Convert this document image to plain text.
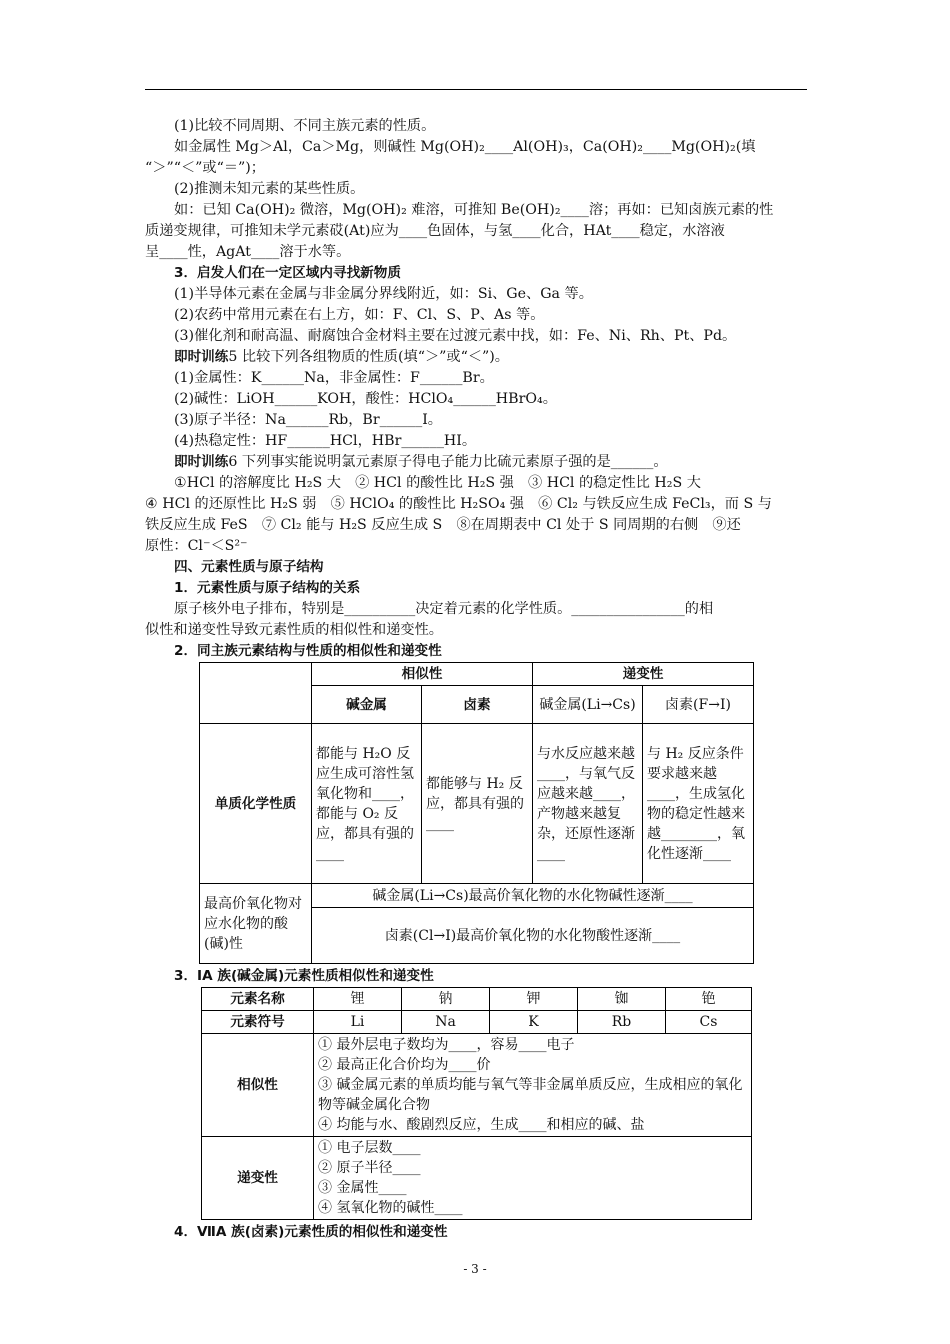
(1)比较不同周期、不同主族元素的性质。

如金属性 Mg＞Al，Ca＞Mg，则碱性 Mg(OH)₂____Al(OH)₃，Ca(OH)₂____Mg(OH)₂(填

“＞”“＜”或“＝”)；

(2)推测未知元素的某些性质。

如：已知 Ca(OH)₂ 微溶，Mg(OH)₂ 难溶，可推知 Be(OH)₂____溶；再如：已知卤族元素的性

质递变规律，可推知未学元素砹(At)应为____色固体，与氢____化合，HAt____稳定，水溶液

呈____性，AgAt____溶于水等。

3．启发人们在一定区域内寻找新物质

(1)半导体元素在金属与非金属分界线附近，如：Si、Ge、Ga 等。

(2)农药中常用元素在右上方，如：F、Cl、S、P、As 等。

(3)催化剂和耐高温、耐腐蚀合金材料主要在过渡元素中找，如：Fe、Ni、Rh、Pt、Pd。

即时训练5 比较下列各组物质的性质(填“＞”或“＜”)。

(1)金属性：K______Na，非金属性：F______Br。

(2)碱性：LiOH______KOH，酸性：HClO₄______HBrO₄。

(3)原子半径：Na______Rb，Br______I。

(4)热稳定性：HF______HCl，HBr______HI。

即时训练6 下列事实能说明氯元素原子得电子能力比硫元素原子强的是______。

①HCl 的溶解度比 H₂S 大　② HCl 的酸性比 H₂S 强　③ HCl 的稳定性比 H₂S 大

④ HCl 的还原性比 H₂S 弱　⑤ HClO₄ 的酸性比 H₂SO₄ 强　⑥ Cl₂ 与铁反应生成 FeCl₃，而 S 与

铁反应生成 FeS　⑦ Cl₂ 能与 H₂S 反应生成 S　⑧在周期表中 Cl 处于 S 同周期的右侧　⑨还

原性：Cl⁻＜S²⁻

四、元素性质与原子结构

1．元素性质与原子结构的关系

原子核外电子排布，特别是__________决定着元素的化学性质。________________的相

似性和递变性导致元素性质的相似性和递变性。

2．同主族元素结构与性质的相似性和递变性

	相似性		递变性	
	碱金属	卤素	碱金属(Li→Cs)	卤素(F→I)
单质化学性质	都能与 H₂O 反应生成可溶性氢氧化物和____，都能与 O₂ 反应，都具有强的____	都能够与 H₂ 反应，都具有强的____	与水反应越来越____，与氧气反应越来越____，产物越来越复杂，还原性逐渐____	与 H₂ 反应条件要求越来越____，生成氢化物的稳定性越来越________，氧化性逐渐____
最高价氧化物对应水化物的酸(碱)性	碱金属(Li→Cs)最高价氧化物的水化物碱性逐渐____			
	卤素(Cl→I)最高价氧化物的水化物酸性逐渐____			

3．ⅠA 族(碱金属)元素性质相似性和递变性

元素名称	锂	钠	钾	铷	铯
元素符号	Li	Na	K	Rb	Cs
相似性	① 最外层电子数均为____，容易____电子
② 最高正化合价均为____价
③ 碱金属元素的单质均能与氧气等非金属单质反应，生成相应的氧化物等碱金属化合物
④ 均能与水、酸剧烈反应，生成____和相应的碱、盐				

递变性	① 电子层数____
② 原子半径____
③ 金属性____
④ 氢氧化物的碱性____				

4．ⅦA 族(卤素)元素性质的相似性和递变性

- 3 -
